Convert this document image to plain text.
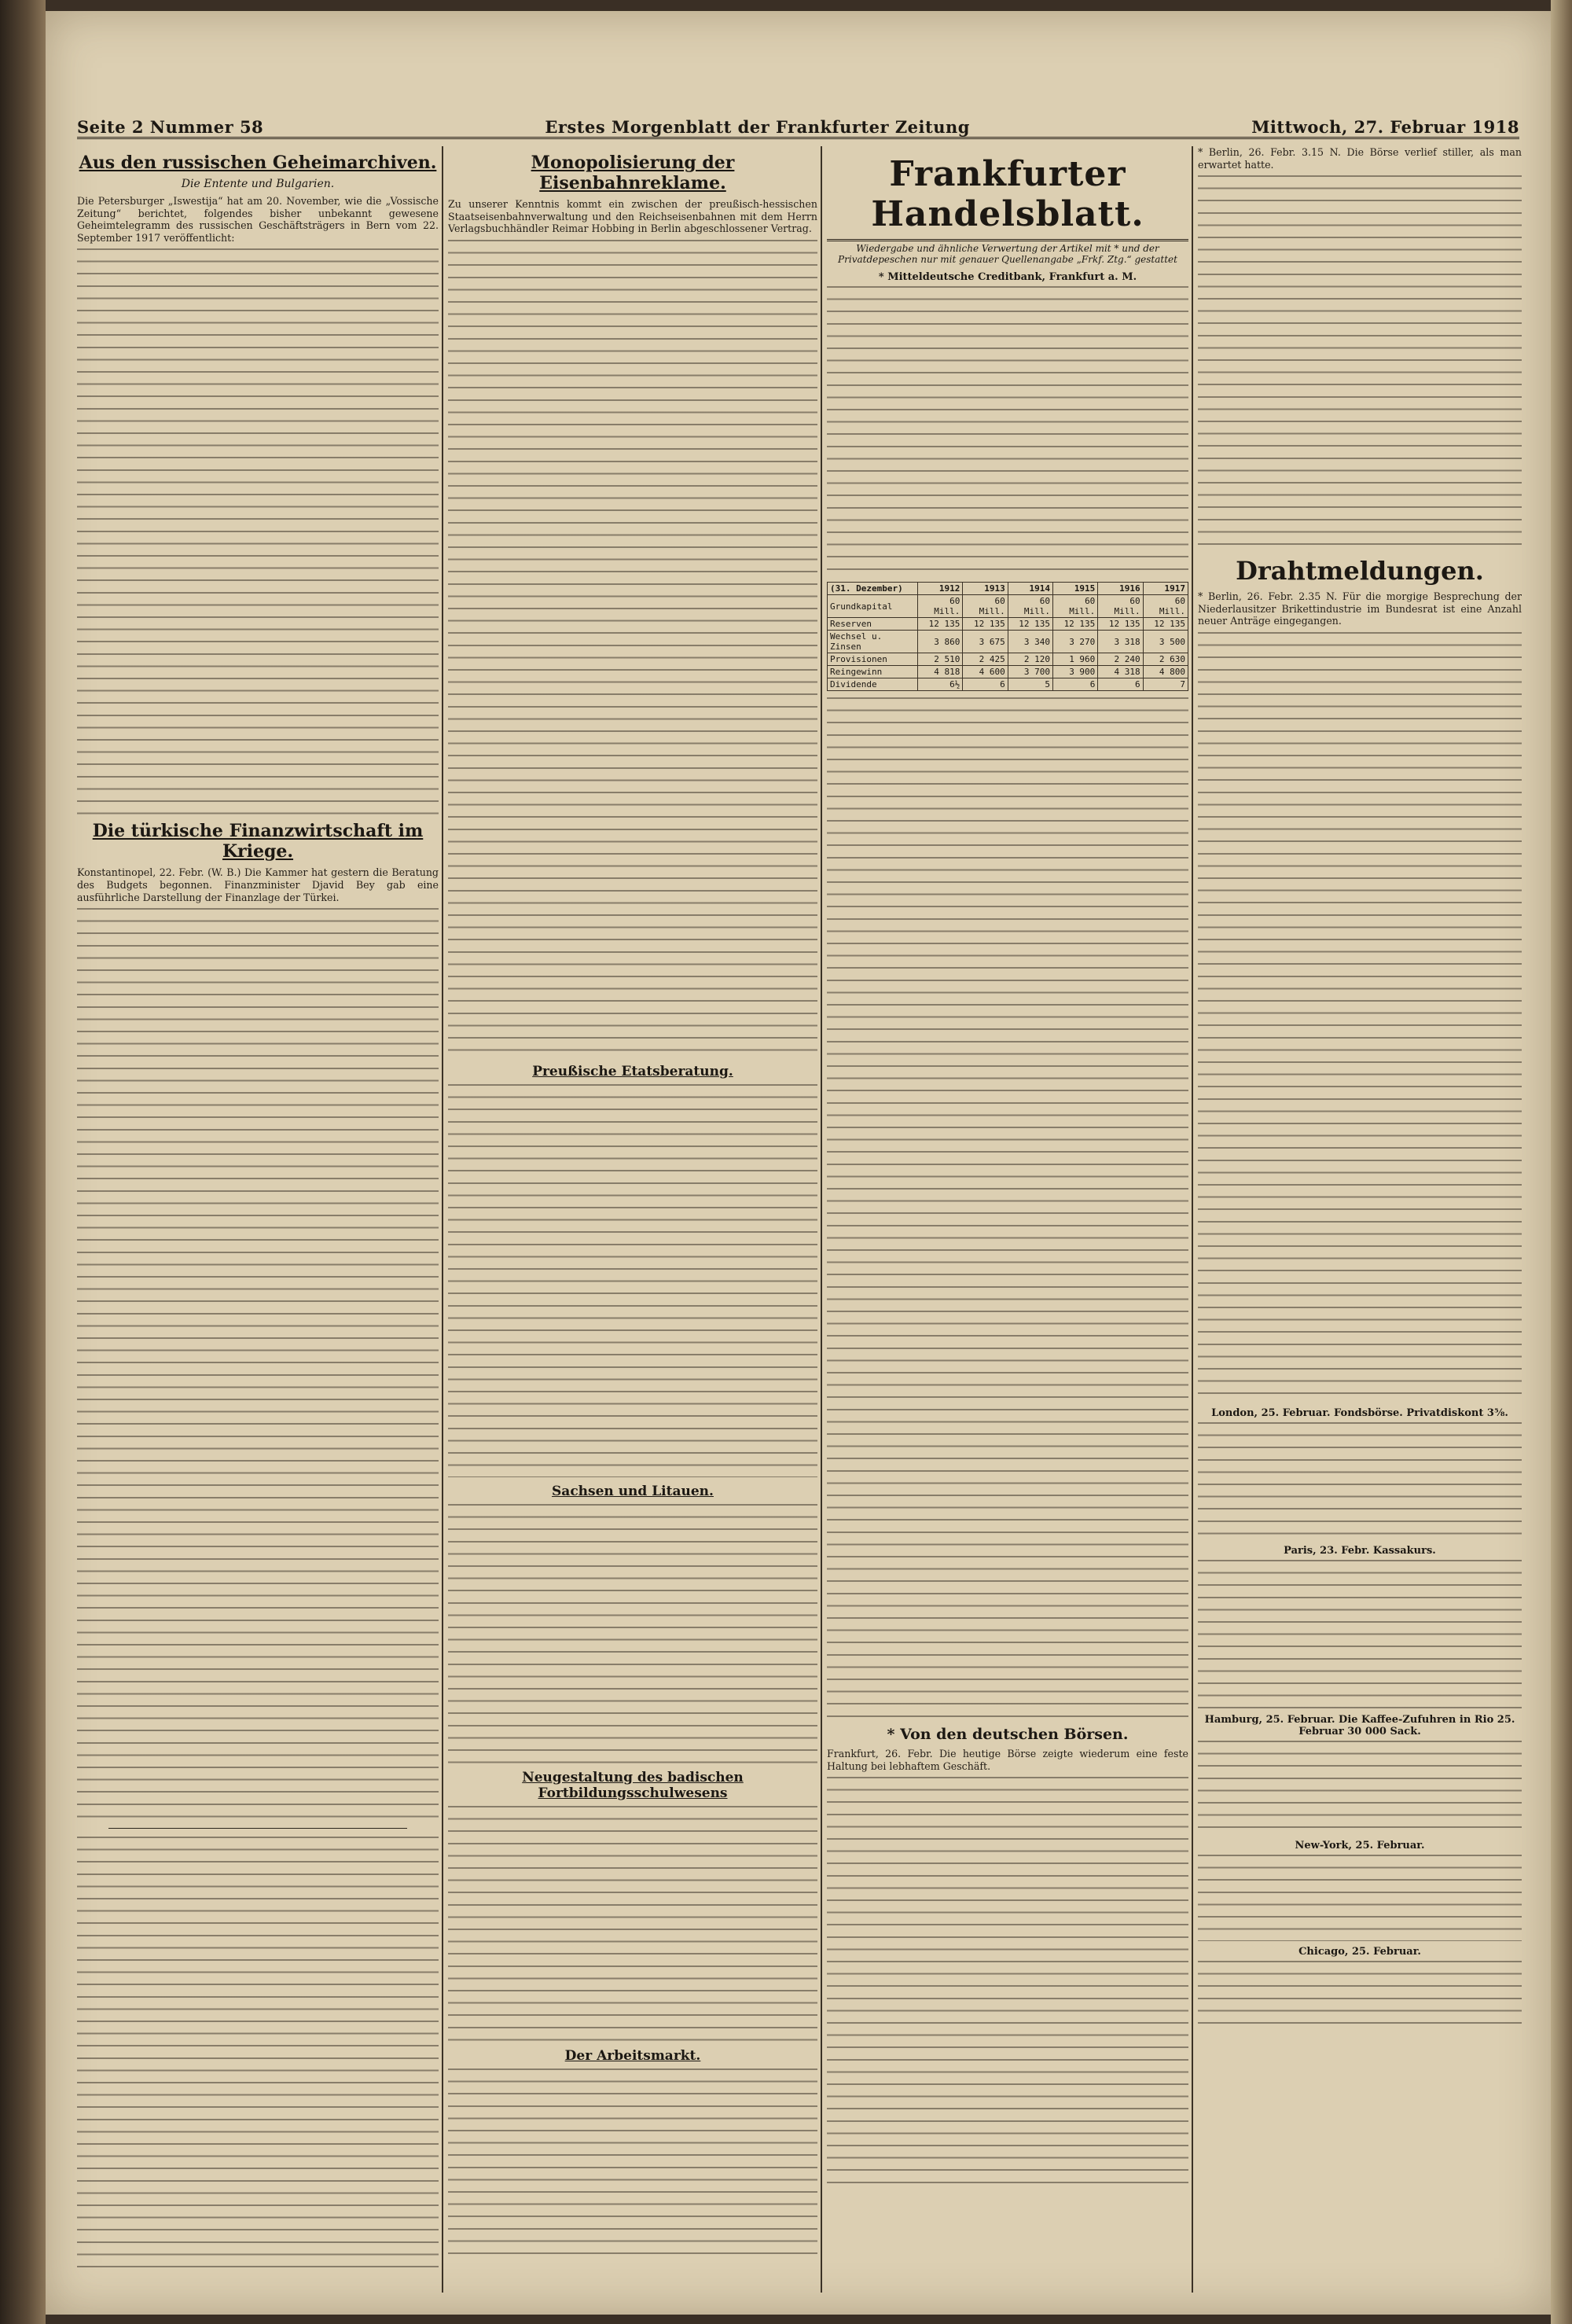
Seite 2 Nummer 58	Erstes Morgenblatt der Frankfurter Zeitung	Mittwoch, 27. Februar 1918
Aus den russischen Geheimarchiven.
Die Entente und Bulgarien.

Die Petersburger „Iswestija“ hat am 20. November, wie die „Vossische Zeitung“ berichtet, folgendes bisher unbekannt gewesene Geheimtelegramm des russischen Geschäftsträgers in Bern vom 22. September 1917 veröffentlicht:

Die türkische Finanzwirtschaft im Kriege.

Konstantinopel, 22. Febr. (W. B.) Die Kammer hat gestern die Beratung des Budgets begonnen. Finanzminister Djavid Bey gab eine ausführliche Darstellung der Finanzlage der Türkei.

Monopolisierung der Eisenbahnreklame.

Zu unserer Kenntnis kommt ein zwischen der preußisch-hessischen Staatseisenbahnverwaltung und den Reichseisenbahnen mit dem Herrn Verlagsbuchhändler Reimar Hobbing in Berlin abgeschlossener Vertrag.

Preußische Etatsberatung.
Sachsen und Litauen.
Neugestaltung des badischen Fortbildungsschulwesens
Der Arbeitsmarkt.
Frankfurter Handelsblatt.
Wiedergabe und ähnliche Verwertung der Artikel mit * und der Privatdepeschen nur mit genauer Quellenangabe „Frkf. Ztg.“ gestattet
* Mitteldeutsche Creditbank, Frankfurt a. M.
(31. Dezember)	1912	1913	1914	1915	1916	1917
Grundkapital	60 Mill.	60 Mill.	60 Mill.	60 Mill.	60 Mill.	60 Mill.
Reserven	12 135	12 135	12 135	12 135	12 135	12 135
Wechsel u. Zinsen	3 860	3 675	3 340	3 270	3 318	3 500
Provisionen	2 510	2 425	2 120	1 960	2 240	2 630
Reingewinn	4 818	4 600	3 700	3 900	4 318	4 800
Dividende	6½	6	5	6	6	7
* Von den deutschen Börsen.

Frankfurt, 26. Febr. Die heutige Börse zeigte wiederum eine feste Haltung bei lebhaftem Geschäft.

* Berlin, 26. Febr. 3.15 N. Die Börse verlief stiller, als man erwartet hatte.

Drahtmeldungen.

* Berlin, 26. Febr. 2.35 N. Für die morgige Besprechung der Niederlausitzer Brikettindustrie im Bundesrat ist eine Anzahl neuer Anträge eingegangen.

London, 25. Februar. Fondsbörse. Privatdiskont 3⅝.
Paris, 23. Febr. Kassakurs.
Hamburg, 25. Februar. Die Kaffee-Zufuhren in Rio 25. Februar 30 000 Sack.
New-York, 25. Februar.
Chicago, 25. Februar.
